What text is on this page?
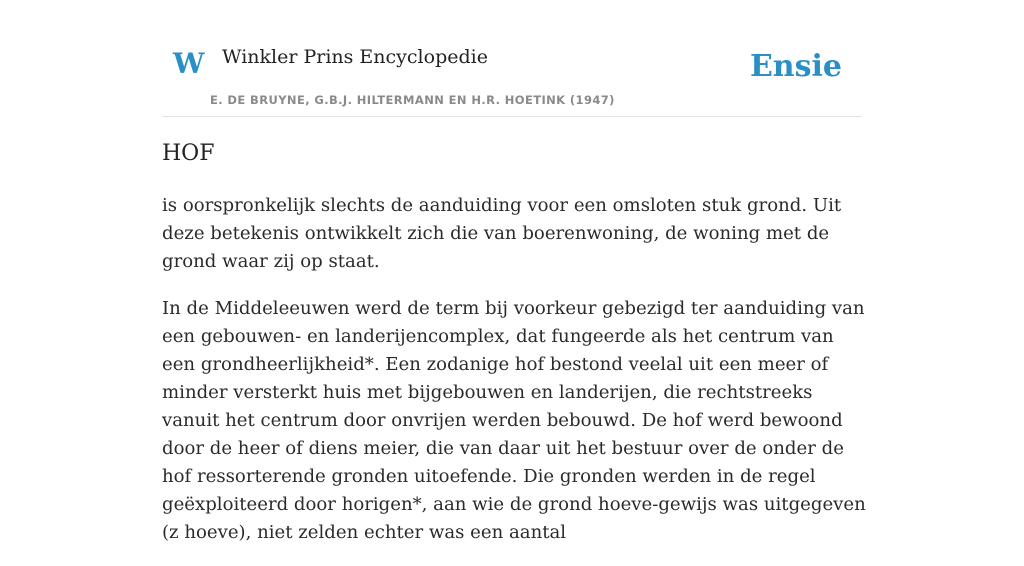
W Winkler Prins Encyclopedie
E. DE BRUYNE, G.B.J. HILTERMANN EN H.R. HOETINK (1947)
Ensie
HOF

is oorspronkelijk slechts de aanduiding voor een omsloten stuk grond. Uit deze betekenis ontwikkelt zich die van boerenwoning, de woning met de grond waar zij op staat.

In de Middeleeuwen werd de term bij voorkeur gebezigd ter aanduiding van een gebouwen- en landerijencomplex, dat fungeerde als het centrum van een grondheerlijkheid*. Een zodanige hof bestond veelal uit een meer of minder versterkt huis met bijgebouwen en landerijen, die rechtstreeks vanuit het centrum door onvrijen werden bebouwd. De hof werd bewoond door de heer of diens meier, die van daar uit het bestuur over de onder de hof ressorterende gronden uitoefende. Die gronden werden in de regel geëxploiteerd door horigen*, aan wie de grond hoeve-gewijs was uitgegeven (z hoeve), niet zelden echter was een aantal
